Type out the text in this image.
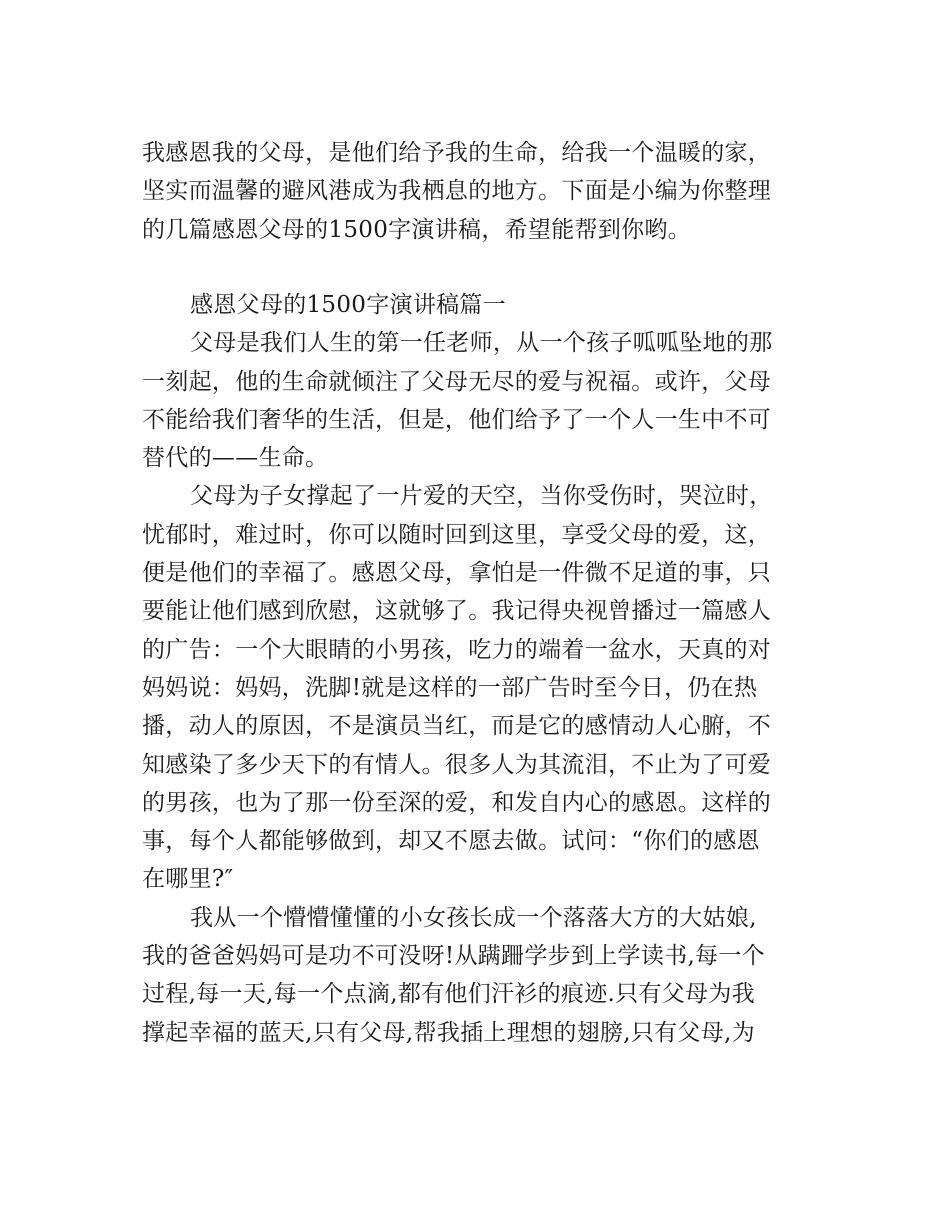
我感恩我的父母，是他们给予我的生命，给我一个温暖的家，
坚实而温馨的避风港成为我栖息的地方。下面是小编为你整理
的几篇感恩父母的1500字演讲稿，希望能帮到你哟。
感恩父母的1500字演讲稿篇一
父母是我们人生的第一任老师，从一个孩子呱呱坠地的那
一刻起，他的生命就倾注了父母无尽的爱与祝福。或许，父母
不能给我们奢华的生活，但是，他们给予了一个人一生中不可
替代的——生命。
父母为子女撑起了一片爱的天空，当你受伤时，哭泣时，
忧郁时，难过时，你可以随时回到这里，享受父母的爱，这，
便是他们的幸福了。感恩父母，拿怕是一件微不足道的事，只
要能让他们感到欣慰，这就够了。我记得央视曾播过一篇感人
的广告：一个大眼睛的小男孩，吃力的端着一盆水，天真的对
妈妈说：妈妈，洗脚!就是这样的一部广告时至今日，仍在热
播，动人的原因，不是演员当红，而是它的感情动人心腑，不
知感染了多少天下的有情人。很多人为其流泪，不止为了可爱
的男孩，也为了那一份至深的爱，和发自内心的感恩。这样的
事，每个人都能够做到，却又不愿去做。试问：“你们的感恩
在哪里?″
我从一个懵懵懂懂的小女孩长成一个落落大方的大姑娘,
我的爸爸妈妈可是功不可没呀!从蹒跚学步到上学读书,每一个
过程,每一天,每一个点滴,都有他们汗衫的痕迹.只有父母为我
撑起幸福的蓝天,只有父母,帮我插上理想的翅膀,只有父母,为
